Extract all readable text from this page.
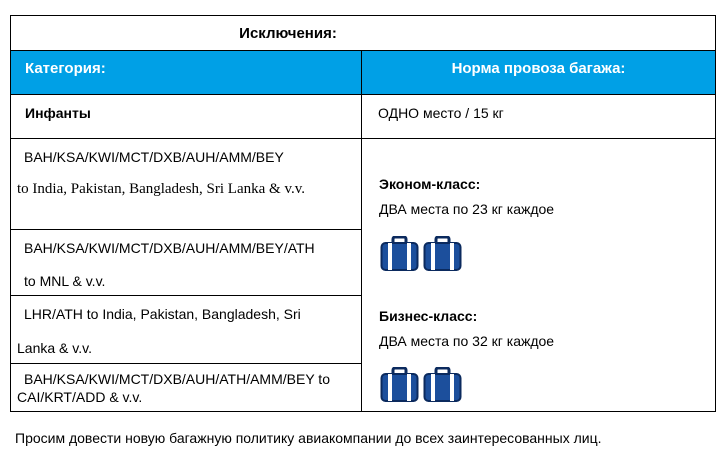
Исключения:	

Категория:	Норма провоза багажа:

Инфанты	ОДНО место / 15 кг

BAH/KSA/KWI/MCT/DXB/AUH/AMM/BEY
to India, Pakistan, Bangladesh, Sri Lanka & v.v.	Эконом-класс:
ДВА места по 23 кг каждое
Бизнес-класс:
ДВА места по 32 кг каждое

BAH/KSA/KWI/MCT/DXB/AUH/AMM/BEY/ATH
to MNL & v.v.	

LHR/ATH to India, Pakistan, Bangladesh, Sri
Lanka & v.v.	

BAH/KSA/KWI/MCT/DXB/AUH/ATH/AMM/BEY to
CAI/KRT/ADD & v.v.	
Просим довести новую багажную политику авиакомпании до всех заинтересованных лиц.
